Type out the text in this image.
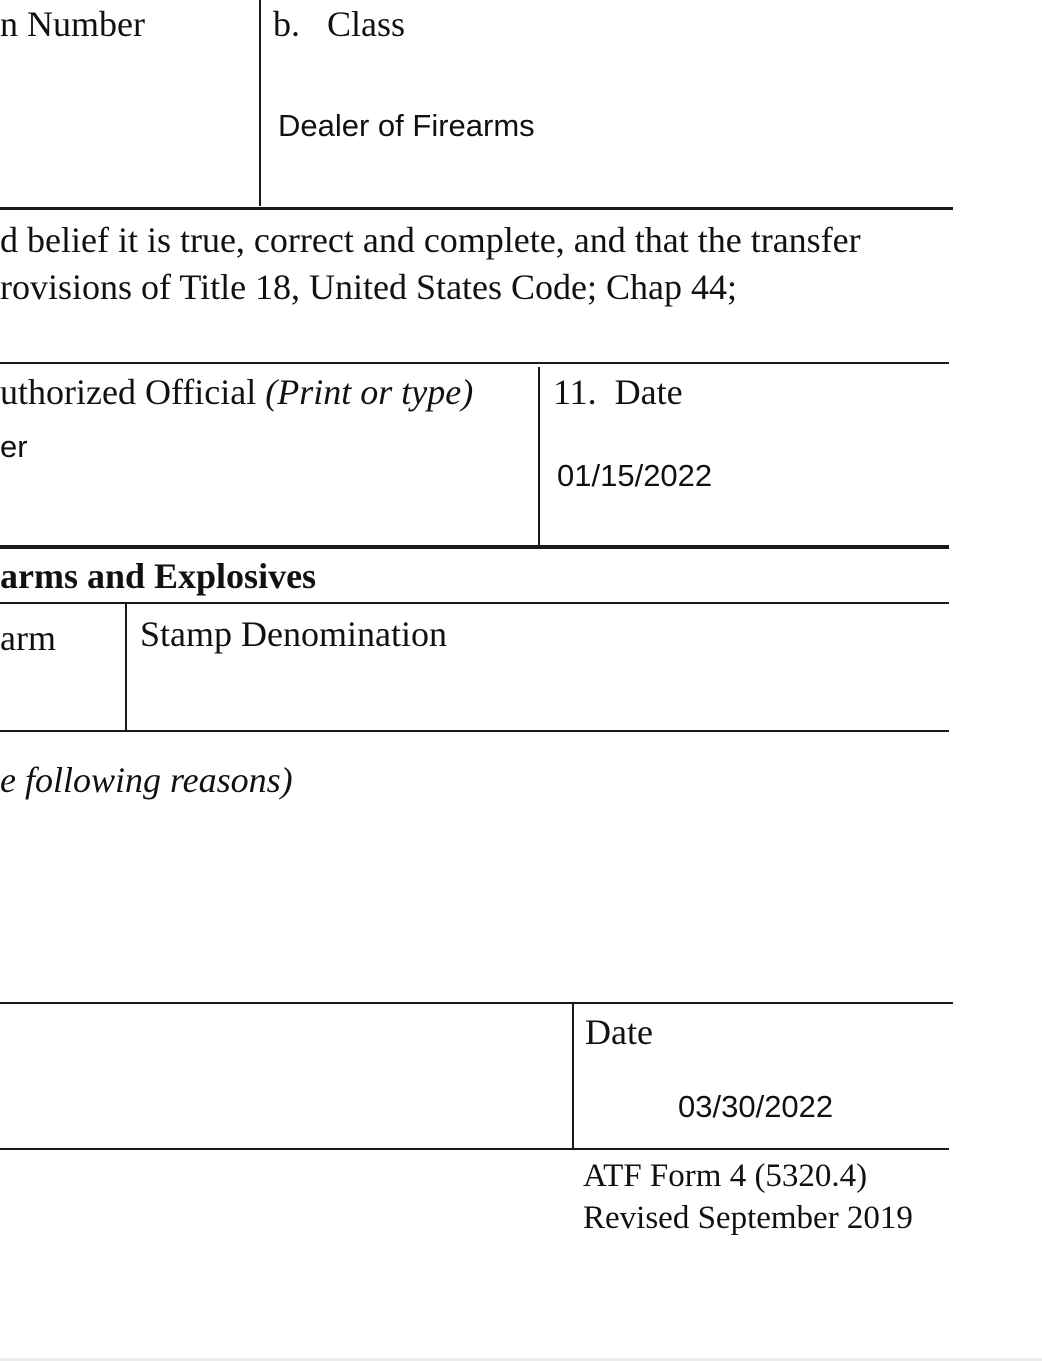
n Number	b.   Class
Dealer of Firearms
d belief it is true, correct and complete, and that the transfer
rovisions of Title 18, United States Code; Chap 44;
uthorized Official (Print or type)
er
11.  Date
01/15/2022
arms and Explosives
arm Stamp Denomination
e following reasons)
Date
03/30/2022
ATF Form 4 (5320.4)
Revised September 2019
